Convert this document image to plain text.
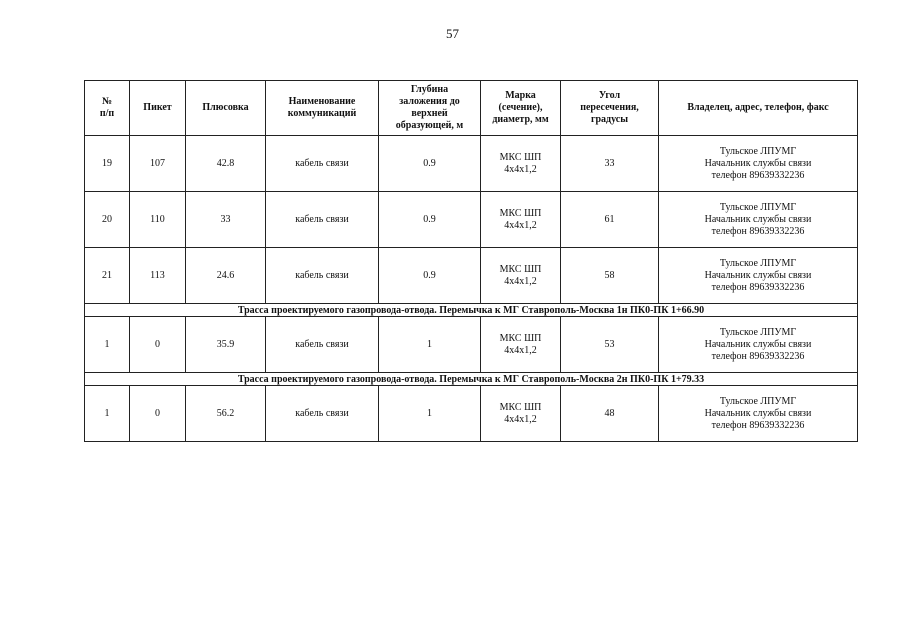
57
№
п/п	Пикет	Плюсовка	Наименование
коммуникаций	Глубина
заложения до
верхней
образующей, м	Марка
(сечение),
диаметр, мм	Угол
пересечения,
градусы	Владелец, адрес, телефон, факс
19	107	42.8	кабель связи	0.9	МКС ШП
4х4х1,2	33	Тульское ЛПУМГ
Начальник службы связи
телефон 89639332236

20	110	33	кабель связи	0.9	МКС ШП
4х4х1,2	61	Тульское ЛПУМГ
Начальник службы связи
телефон 89639332236

21	113	24.6	кабель связи	0.9	МКС ШП
4х4х1,2	58	Тульское ЛПУМГ
Начальник службы связи
телефон 89639332236

Трасса проектируемого газопровода-отвода. Перемычка к МГ Ставрополь-Москва 1н ПК0-ПК 1+66.90							
1	0	35.9	кабель связи	1	МКС ШП
4х4х1,2	53	Тульское ЛПУМГ
Начальник службы связи
телефон 89639332236

Трасса проектируемого газопровода-отвода. Перемычка к МГ Ставрополь-Москва 2н ПК0-ПК 1+79.33							
1	0	56.2	кабель связи	1	МКС ШП
4х4х1,2	48	Тульское ЛПУМГ
Начальник службы связи
телефон 89639332236
